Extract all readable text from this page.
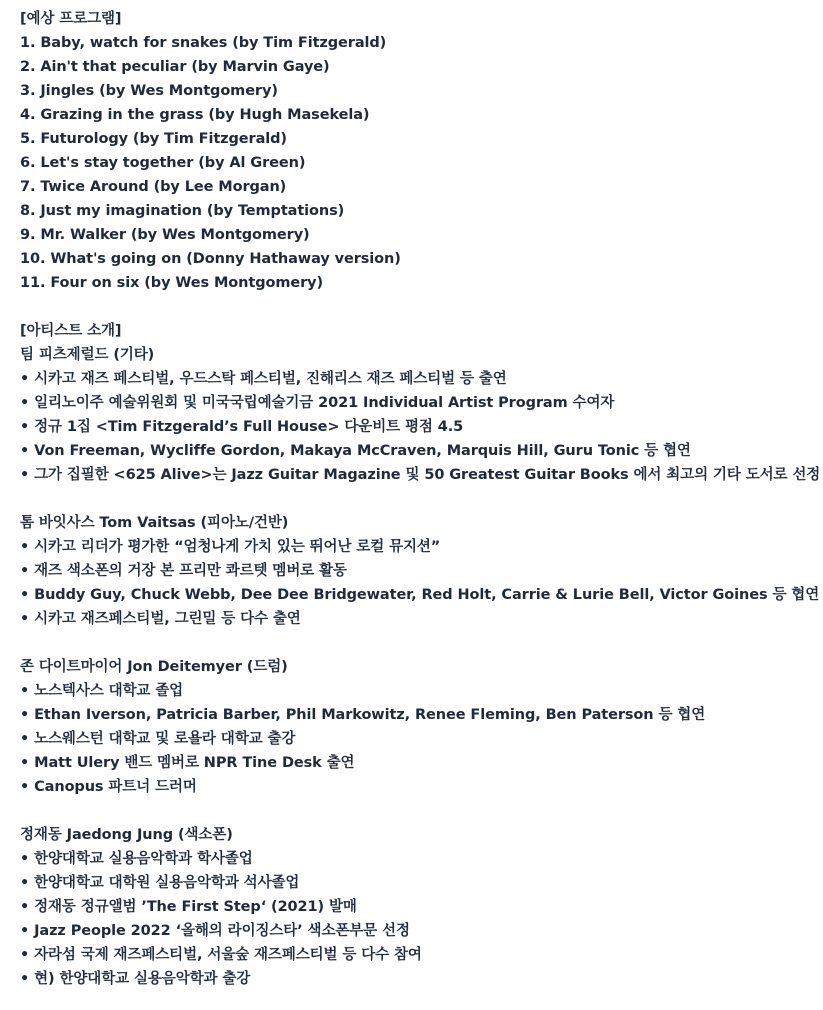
[예상 프로그램]
1. Baby, watch for snakes (by Tim Fitzgerald)
2. Ain't that peculiar (by Marvin Gaye)
3. Jingles (by Wes Montgomery)
4. Grazing in the grass (by Hugh Masekela)
5. Futurology (by Tim Fitzgerald)
6. Let's stay together (by Al Green)
7. Twice Around (by Lee Morgan)
8. Just my imagination (by Temptations)
9. Mr. Walker (by Wes Montgomery)
10. What's going on (Donny Hathaway version)
11. Four on six (by Wes Montgomery)
[아티스트 소개]
팀 피츠제럴드 (기타)
• 시카고 재즈 페스티벌, 우드스탁 페스티벌, 진해리스 재즈 페스티벌 등 출연
• 일리노이주 예술위원회 및 미국국립예술기금 2021 Individual Artist Program 수여자
• 정규 1집 <Tim Fitzgerald’s Full House> 다운비트 평점 4.5
• Von Freeman, Wycliffe Gordon, Makaya McCraven, Marquis Hill, Guru Tonic 등 협연
• 그가 집필한 <625 Alive>는 Jazz Guitar Magazine 및 50 Greatest Guitar Books 에서 최고의 기타 도서로 선정
톰 바잇사스 Tom Vaitsas (피아노/건반)
• 시카고 리더가 평가한 “엄청나게 가치 있는 뛰어난 로컬 뮤지션”
• 재즈 색소폰의 거장 본 프리만 콰르텟 멤버로 활동
• Buddy Guy, Chuck Webb, Dee Dee Bridgewater, Red Holt, Carrie & Lurie Bell, Victor Goines 등 협연
• 시카고 재즈페스티벌, 그린밀 등 다수 출연
존 다이트마이어 Jon Deitemyer (드럼)
• 노스텍사스 대학교 졸업
• Ethan Iverson, Patricia Barber, Phil Markowitz, Renee Fleming, Ben Paterson 등 협연
• 노스웨스턴 대학교 및 로욜라 대학교 출강
• Matt Ulery 밴드 멤버로 NPR Tine Desk 출연
• Canopus 파트너 드러머
정재동 Jaedong Jung (색소폰)
• 한양대학교 실용음악학과 학사졸업
• 한양대학교 대학원 실용음악학과 석사졸업
• 정재동 정규앨범 ’The First Step‘ (2021) 발매
• Jazz People 2022 ‘올해의 라이징스타’ 색소폰부문 선정
• 자라섬 국제 재즈페스티벌, 서울숲 재즈페스티벌 등 다수 참여
• 현) 한양대학교 실용음악학과 출강
